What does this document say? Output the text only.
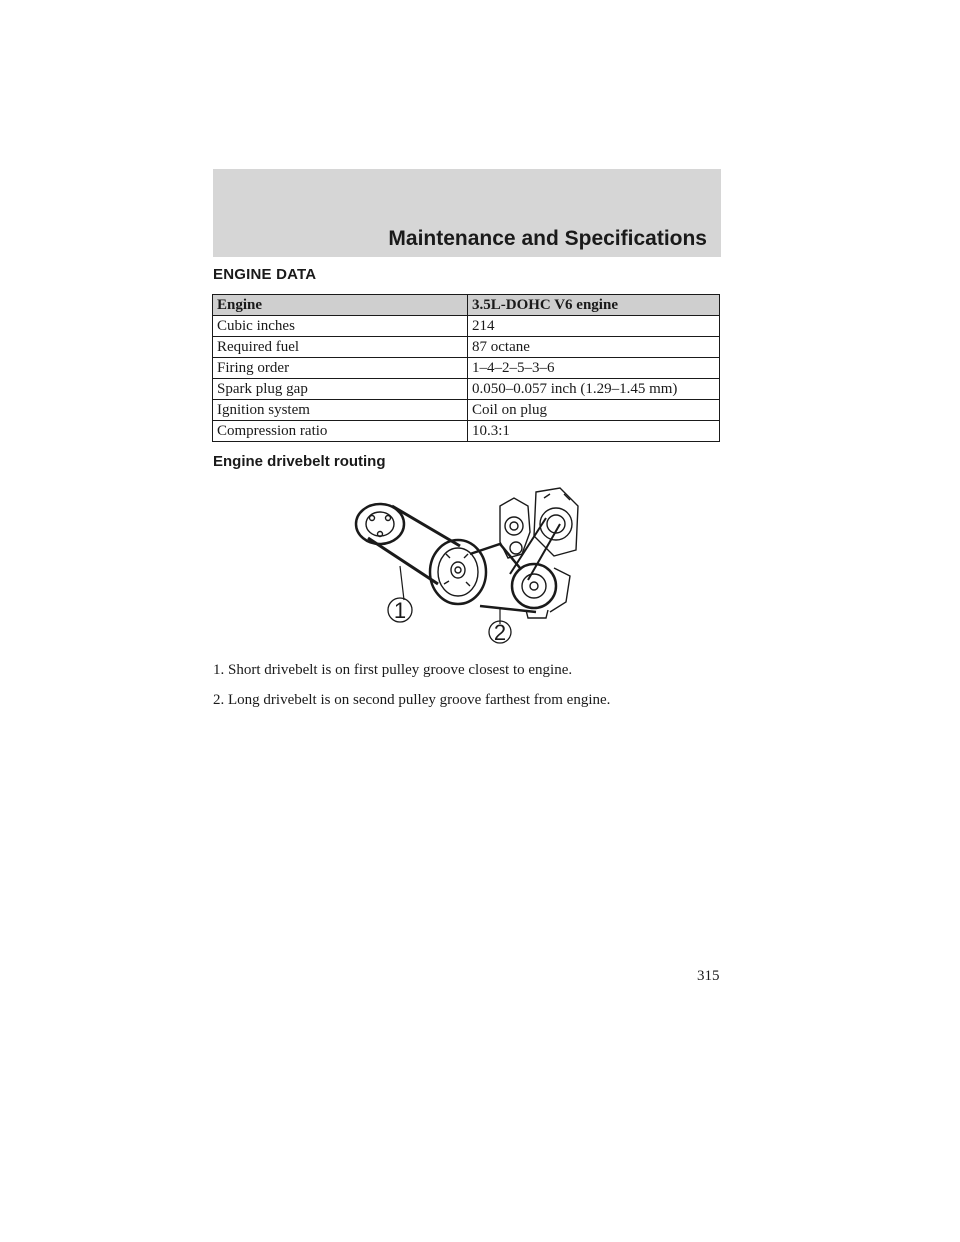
Maintenance and Specifications
ENGINE DATA
Engine	3.5L-DOHC V6 engine
Cubic inches	214
Required fuel	87 octane
Firing order	1–4–2–5–3–6
Spark plug gap	0.050–0.057 inch (1.29–1.45 mm)
Ignition system	Coil on plug
Compression ratio	10.3:1
Engine drivebelt routing
1
2
1. Short drivebelt is on first pulley groove closest to engine.
2. Long drivebelt is on second pulley groove farthest from engine.
315
